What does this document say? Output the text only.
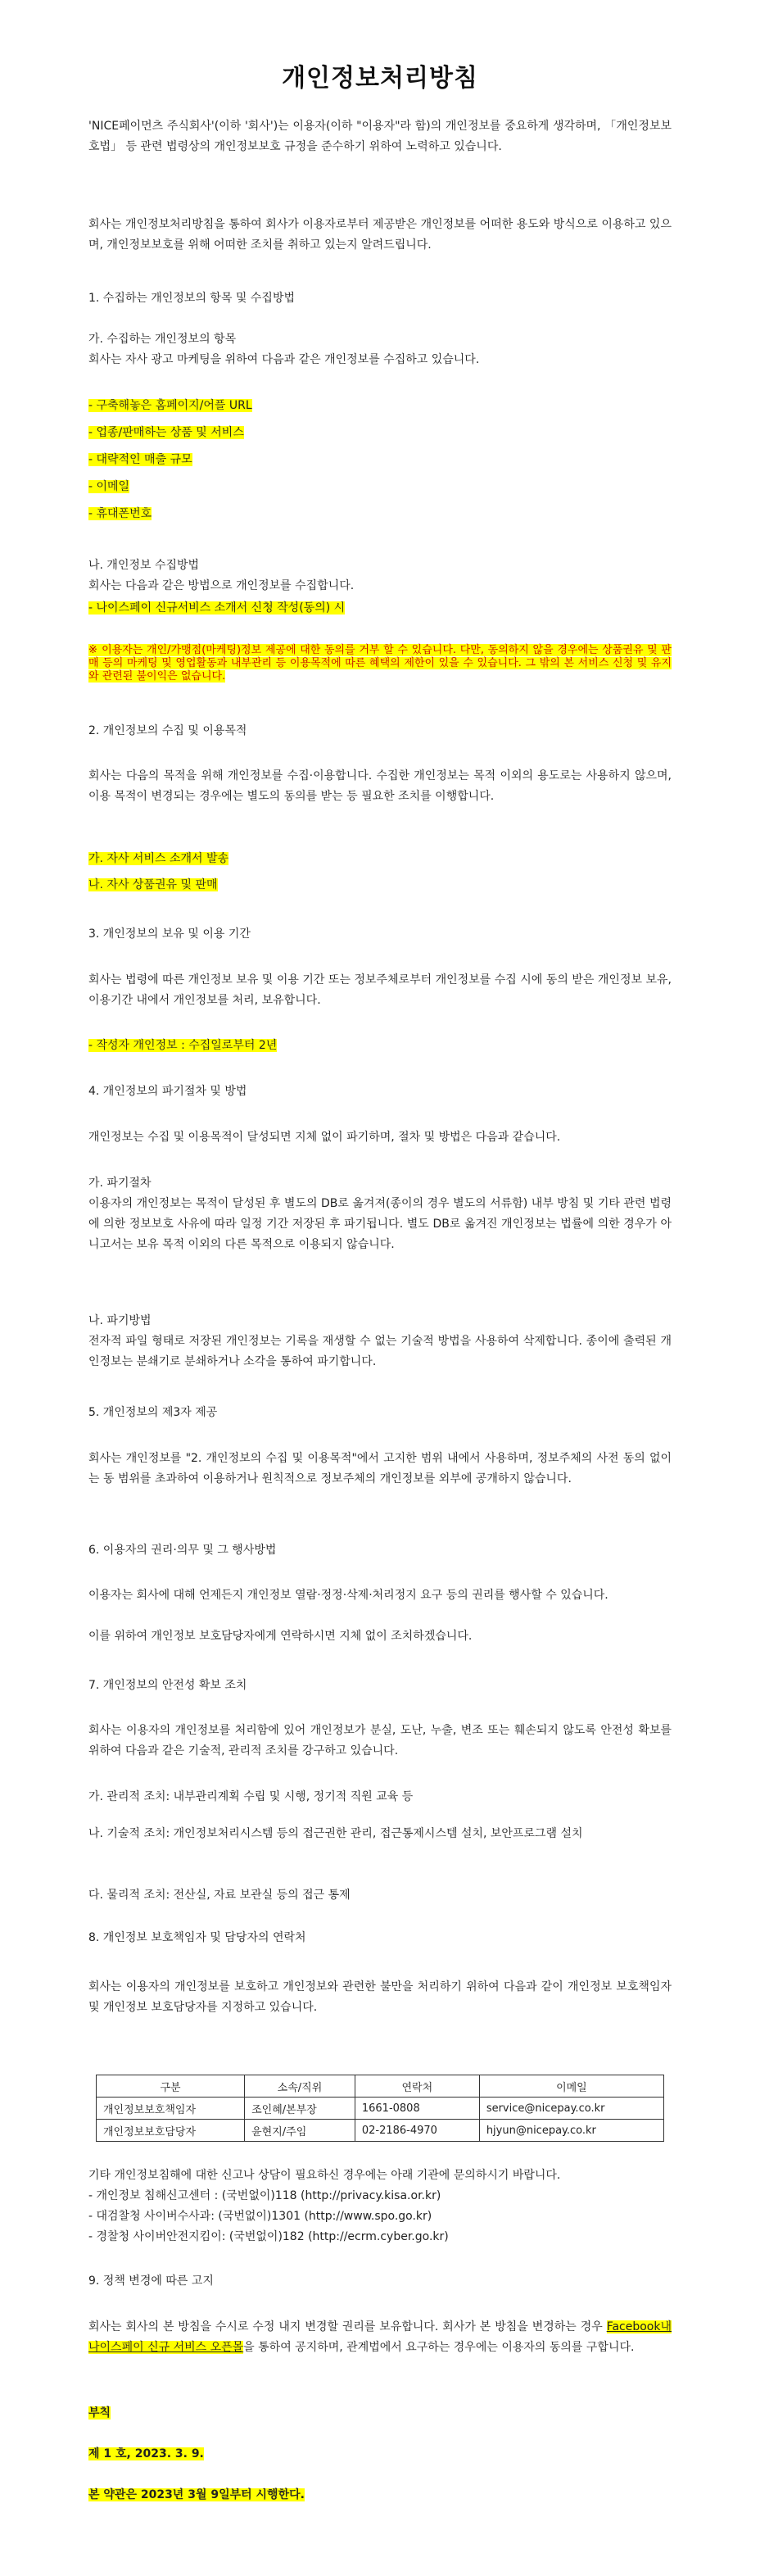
개인정보처리방침

'NICE페이먼츠 주식회사'(이하 '회사')는 이용자(이하 "이용자"라 함)의 개인정보를 중요하게 생각하며, 「개인정보보호법」 등 관련 법령상의 개인정보보호 규정을 준수하기 위하여 노력하고 있습니다.

회사는 개인정보처리방침을 통하여 회사가 이용자로부터 제공받은 개인정보를 어떠한 용도와 방식으로 이용하고 있으며, 개인정보보호를 위해 어떠한 조치를 취하고 있는지 알려드립니다.

1. 수집하는 개인정보의 항목 및 수집방법

가. 수집하는 개인정보의 항목

회사는 자사 광고 마케팅을 위하여 다음과 같은 개인정보를 수집하고 있습니다.

- 구축해놓은 홈페이지/어플 URL

- 업종/판매하는 상품 및 서비스

- 대략적인 매출 규모

- 이메일

- 휴대폰번호

나. 개인정보 수집방법

회사는 다음과 같은 방법으로 개인정보를 수집합니다.

- 나이스페이 신규서비스 소개서 신청 작성(동의) 시

※ 이용자는 개인/가맹점(마케팅)정보 제공에 대한 동의를 거부 할 수 있습니다. 다만, 동의하지 않을 경우에는 상품권유 및 판매 등의 마케팅 및 영업활동과 내부관리 등 이용목적에 따른 혜택의 제한이 있을 수 있습니다. 그 밖의 본 서비스 신청 및 유지와 관련된 불이익은 없습니다.

2. 개인정보의 수집 및 이용목적

회사는 다음의 목적을 위해 개인정보를 수집·이용합니다. 수집한 개인정보는 목적 이외의 용도로는 사용하지 않으며, 이용 목적이 변경되는 경우에는 별도의 동의를 받는 등 필요한 조치를 이행합니다.

가. 자사 서비스 소개서 발송

나. 자사 상품권유 및 판매

3. 개인정보의 보유 및 이용 기간

회사는 법령에 따른 개인정보 보유 및 이용 기간 또는 정보주체로부터 개인정보를 수집 시에 동의 받은 개인정보 보유, 이용기간 내에서 개인정보를 처리, 보유합니다.

- 작성자 개인정보 : 수집일로부터 2년

4. 개인정보의 파기절차 및 방법

개인정보는 수집 및 이용목적이 달성되면 지체 없이 파기하며, 절차 및 방법은 다음과 같습니다.

가. 파기절차

이용자의 개인정보는 목적이 달성된 후 별도의 DB로 옮겨져(종이의 경우 별도의 서류함) 내부 방침 및 기타 관련 법령에 의한 정보보호 사유에 따라 일정 기간 저장된 후 파기됩니다. 별도 DB로 옮겨진 개인정보는 법률에 의한 경우가 아니고서는 보유 목적 이외의 다른 목적으로 이용되지 않습니다.

나. 파기방법

전자적 파일 형태로 저장된 개인정보는 기록을 재생할 수 없는 기술적 방법을 사용하여 삭제합니다. 종이에 출력된 개인정보는 분쇄기로 분쇄하거나 소각을 통하여 파기합니다.

5. 개인정보의 제3자 제공

회사는 개인정보를 "2. 개인정보의 수집 및 이용목적"에서 고지한 범위 내에서 사용하며, 정보주체의 사전 동의 없이는 동 범위를 초과하여 이용하거나 원칙적으로 정보주체의 개인정보를 외부에 공개하지 않습니다.

6. 이용자의 권리·의무 및 그 행사방법

이용자는 회사에 대해 언제든지 개인정보 열람·정정·삭제·처리정지 요구 등의 권리를 행사할 수 있습니다.

이를 위하여 개인정보 보호담당자에게 연락하시면 지체 없이 조치하겠습니다.

7. 개인정보의 안전성 확보 조치

회사는 이용자의 개인정보를 처리함에 있어 개인정보가 분실, 도난, 누출, 변조 또는 훼손되지 않도록 안전성 확보를 위하여 다음과 같은 기술적, 관리적 조치를 강구하고 있습니다.

가. 관리적 조치: 내부관리계획 수립 및 시행, 정기적 직원 교육 등

나. 기술적 조치: 개인정보처리시스템 등의 접근권한 관리, 접근통제시스템 설치, 보안프로그램 설치

다. 물리적 조치: 전산실, 자료 보관실 등의 접근 통제

8. 개인정보 보호책임자 및 담당자의 연락처

회사는 이용자의 개인정보를 보호하고 개인정보와 관련한 불만을 처리하기 위하여 다음과 같이 개인정보 보호책임자 및 개인정보 보호담당자를 지정하고 있습니다.

구분	소속/직위	연락처	이메일
개인정보보호책임자	조인혜/본부장	1661-0808	service@nicepay.co.kr
개인정보보호담당자	윤현지/주임	02-2186-4970	hjyun@nicepay.co.kr

기타 개인정보침해에 대한 신고나 상담이 필요하신 경우에는 아래 기관에 문의하시기 바랍니다.

- 개인정보 침해신고센터 : (국번없이)118 (http://privacy.kisa.or.kr)

- 대검찰청 사이버수사과: (국번없이)1301 (http://www.spo.go.kr)

- 경찰청 사이버안전지킴이: (국번없이)182 (http://ecrm.cyber.go.kr)

9. 정책 변경에 따른 고지

회사는 회사의 본 방침을 수시로 수정 내지 변경할 권리를 보유합니다. 회사가 본 방침을 변경하는 경우 Facebook내 나이스페이 신규 서비스 오픈몰을 통하여 공지하며, 관계법에서 요구하는 경우에는 이용자의 동의를 구합니다.

부칙

제 1 호, 2023. 3. 9.

본 약관은 2023년 3월 9일부터 시행한다.
